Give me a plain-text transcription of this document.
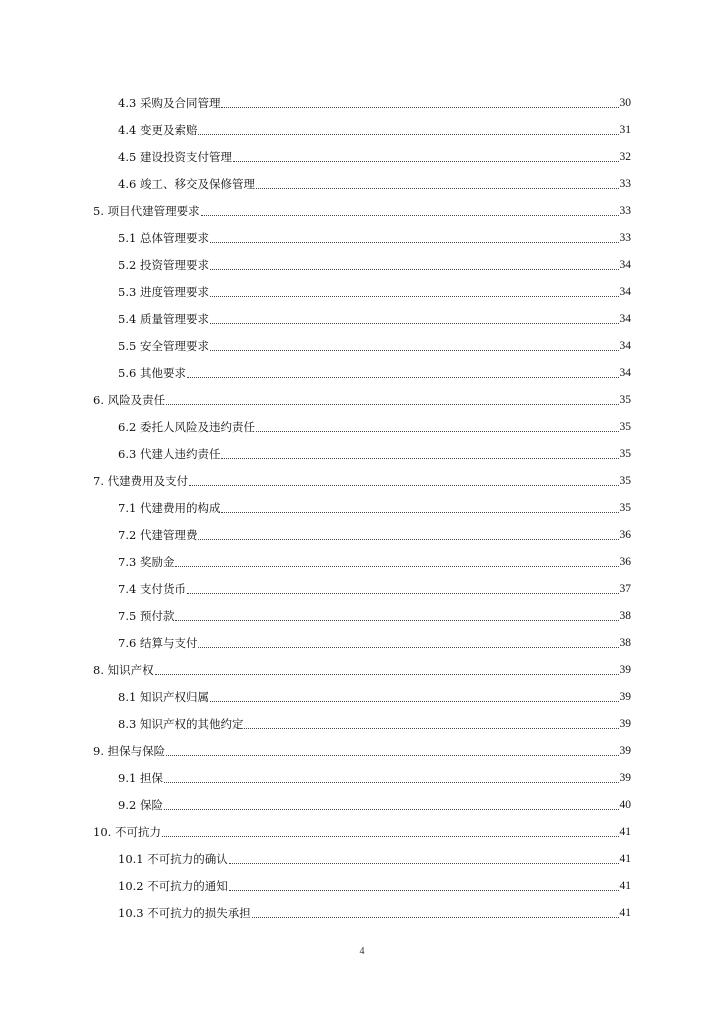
4.3 采购及合同管理	30
4.4 变更及索赔	31
4.5 建设投资支付管理	32
4.6 竣工、移交及保修管理	33
5. 项目代建管理要求	33
5.1 总体管理要求	33
5.2 投资管理要求	34
5.3 进度管理要求	34
5.4 质量管理要求	34
5.5 安全管理要求	34
5.6 其他要求	34
6. 风险及责任	35
6.2 委托人风险及违约责任	35
6.3 代建人违约责任	35
7. 代建费用及支付	35
7.1 代建费用的构成	35
7.2 代建管理费	36
7.3 奖励金	36
7.4 支付货币	37
7.5 预付款	38
7.6 结算与支付	38
8. 知识产权	39
8.1 知识产权归属	39
8.3 知识产权的其他约定	39
9. 担保与保险	39
9.1 担保	39
9.2 保险	40
10. 不可抗力	41
10.1 不可抗力的确认	41
10.2 不可抗力的通知	41
10.3 不可抗力的损失承担	41
4
